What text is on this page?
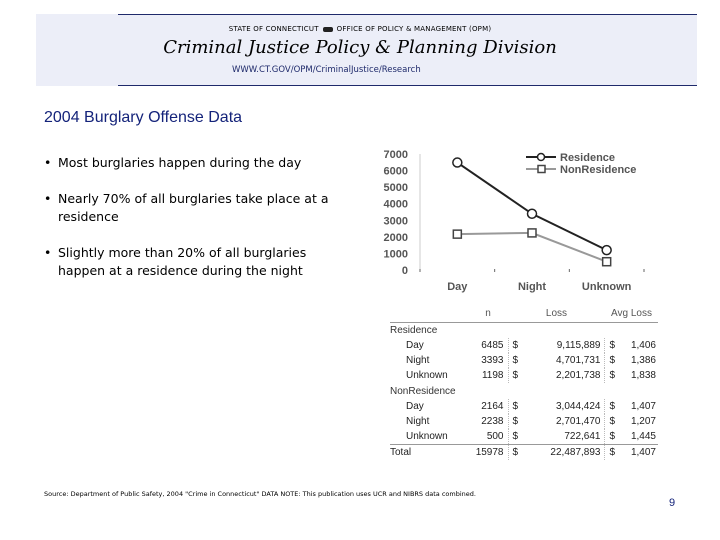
STATE OF CONNECTICUT	OFFICE OF POLICY & MANAGEMENT (OPM)
Criminal Justice Policy & Planning Division
WWW.CT.GOV/OPM/CriminalJustice/Research
2004 Burglary Offense Data
• Most burglaries happen during the day
• Nearly 70% of all burglaries take place at a residence
• Slightly more than 20% of all burglaries happen at a residence during the night
7000
6000
5000
4000
3000
2000
1000
0
Day	Night	Unknown
Residence
NonResidence
	n	Loss		Avg Loss	
Residence					
Day	6485	$	9,115,889	$	1,406
Night	3393	$	4,701,731	$	1,386
Unknown	1198	$	2,201,738	$	1,838
NonResidence					
Day	2164	$	3,044,424	$	1,407
Night	2238	$	2,701,470	$	1,207
Unknown	500	$	722,641	$	1,445
Total	15978	$	22,487,893	$	1,407
Source: Department of Public Safety, 2004 "Crime in Connecticut" DATA NOTE: This publication uses UCR and NIBRS data combined.
9
